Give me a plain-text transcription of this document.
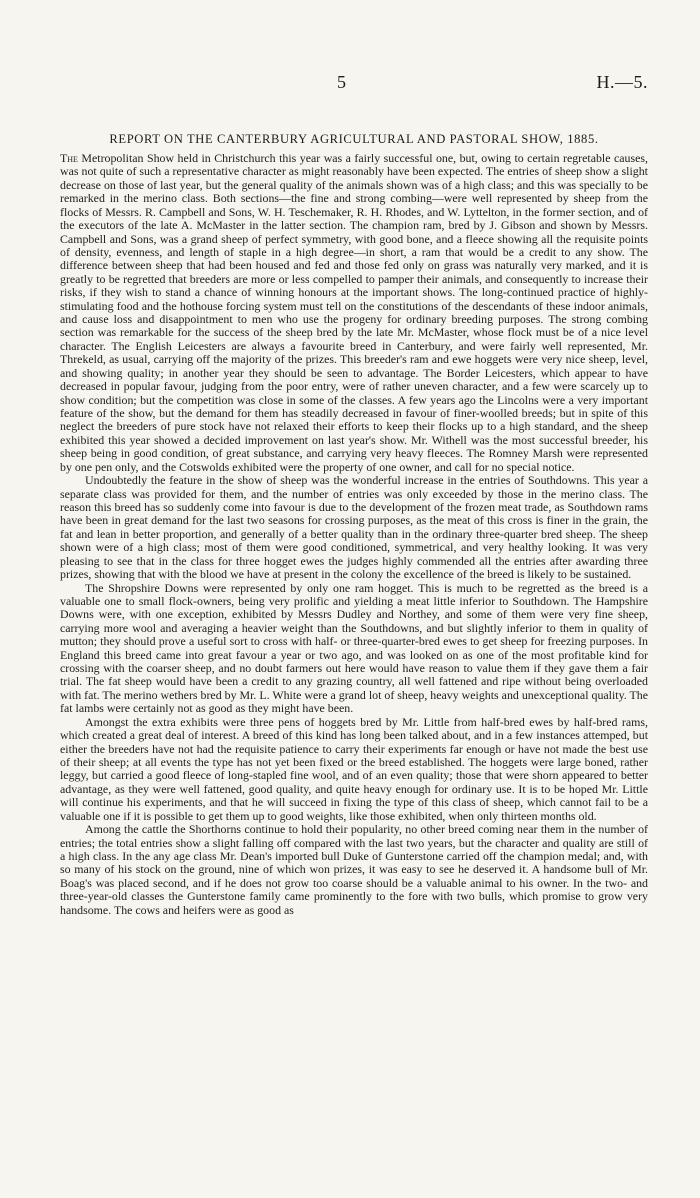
5	H.—5.
REPORT ON THE CANTERBURY AGRICULTURAL AND PASTORAL SHOW, 1885.

The Metropolitan Show held in Christchurch this year was a fairly successful one, but, owing to certain regretable causes, was not quite of such a representative character as might reasonably have been expected. The entries of sheep show a slight decrease on those of last year, but the general quality of the animals shown was of a high class; and this was specially to be remarked in the merino class. Both sections—the fine and strong combing—were well represented by sheep from the flocks of Messrs. R. Campbell and Sons, W. H. Teschemaker, R. H. Rhodes, and W. Lyttelton, in the former section, and of the executors of the late A. McMaster in the latter section. The champion ram, bred by J. Gibson and shown by Messrs. Campbell and Sons, was a grand sheep of perfect symmetry, with good bone, and a fleece showing all the requisite points of density, evenness, and length of staple in a high degree—in short, a ram that would be a credit to any show. The difference between sheep that had been housed and fed and those fed only on grass was naturally very marked, and it is greatly to be regretted that breeders are more or less compelled to pamper their animals, and consequently to increase their risks, if they wish to stand a chance of winning honours at the important shows. The long-continued practice of highly-stimulating food and the hothouse forcing system must tell on the constitutions of the descendants of these indoor animals, and cause loss and disappointment to men who use the progeny for ordinary breeding purposes. The strong combing section was remarkable for the success of the sheep bred by the late Mr. McMaster, whose flock must be of a nice level character. The English Leicesters are always a favourite breed in Canterbury, and were fairly well represented, Mr. Threkeld, as usual, carrying off the majority of the prizes. This breeder's ram and ewe hoggets were very nice sheep, level, and showing quality; in another year they should be seen to advantage. The Border Leicesters, which appear to have decreased in popular favour, judging from the poor entry, were of rather uneven character, and a few were scarcely up to show condition; but the competition was close in some of the classes. A few years ago the Lincolns were a very important feature of the show, but the demand for them has steadily decreased in favour of finer-woolled breeds; but in spite of this neglect the breeders of pure stock have not relaxed their efforts to keep their flocks up to a high standard, and the sheep exhibited this year showed a decided improvement on last year's show. Mr. Withell was the most successful breeder, his sheep being in good condition, of great substance, and carrying very heavy fleeces. The Romney Marsh were represented by one pen only, and the Cotswolds exhibited were the property of one owner, and call for no special notice.

Undoubtedly the feature in the show of sheep was the wonderful increase in the entries of Southdowns. This year a separate class was provided for them, and the number of entries was only exceeded by those in the merino class. The reason this breed has so suddenly come into favour is due to the development of the frozen meat trade, as Southdown rams have been in great demand for the last two seasons for crossing purposes, as the meat of this cross is finer in the grain, the fat and lean in better proportion, and generally of a better quality than in the ordinary three-quarter bred sheep. The sheep shown were of a high class; most of them were good conditioned, symmetrical, and very healthy looking. It was very pleasing to see that in the class for three hogget ewes the judges highly commended all the entries after awarding three prizes, showing that with the blood we have at present in the colony the excellence of the breed is likely to be sustained.

The Shropshire Downs were represented by only one ram hogget. This is much to be regretted as the breed is a valuable one to small flock-owners, being very prolific and yielding a meat little inferior to Southdown. The Hampshire Downs were, with one exception, exhibited by Messrs Dudley and Northey, and some of them were very fine sheep, carrying more wool and averaging a heavier weight than the Southdowns, and but slightly inferior to them in quality of mutton; they should prove a useful sort to cross with half- or three-quarter-bred ewes to get sheep for freezing purposes. In England this breed came into great favour a year or two ago, and was looked on as one of the most profitable kind for crossing with the coarser sheep, and no doubt farmers out here would have reason to value them if they gave them a fair trial. The fat sheep would have been a credit to any grazing country, all well fattened and ripe without being overloaded with fat. The merino wethers bred by Mr. L. White were a grand lot of sheep, heavy weights and unexceptional quality. The fat lambs were certainly not as good as they might have been.

Amongst the extra exhibits were three pens of hoggets bred by Mr. Little from half-bred ewes by half-bred rams, which created a great deal of interest. A breed of this kind has long been talked about, and in a few instances attemped, but either the breeders have not had the requisite patience to carry their experiments far enough or have not made the best use of their sheep; at all events the type has not yet been fixed or the breed established. The hoggets were large boned, rather leggy, but carried a good fleece of long-stapled fine wool, and of an even quality; those that were shorn appeared to better advantage, as they were well fattened, good quality, and quite heavy enough for ordinary use. It is to be hoped Mr. Little will continue his experiments, and that he will succeed in fixing the type of this class of sheep, which cannot fail to be a valuable one if it is possible to get them up to good weights, like those exhibited, when only thirteen months old.

Among the cattle the Shorthorns continue to hold their popularity, no other breed coming near them in the number of entries; the total entries show a slight falling off compared with the last two years, but the character and quality are still of a high class. In the any age class Mr. Dean's imported bull Duke of Gunterstone carried off the champion medal; and, with so many of his stock on the ground, nine of which won prizes, it was easy to see he deserved it. A handsome bull of Mr. Boag's was placed second, and if he does not grow too coarse should be a valuable animal to his owner. In the two- and three-year-old classes the Gunterstone family came prominently to the fore with two bulls, which promise to grow very handsome. The cows and heifers were as good as
